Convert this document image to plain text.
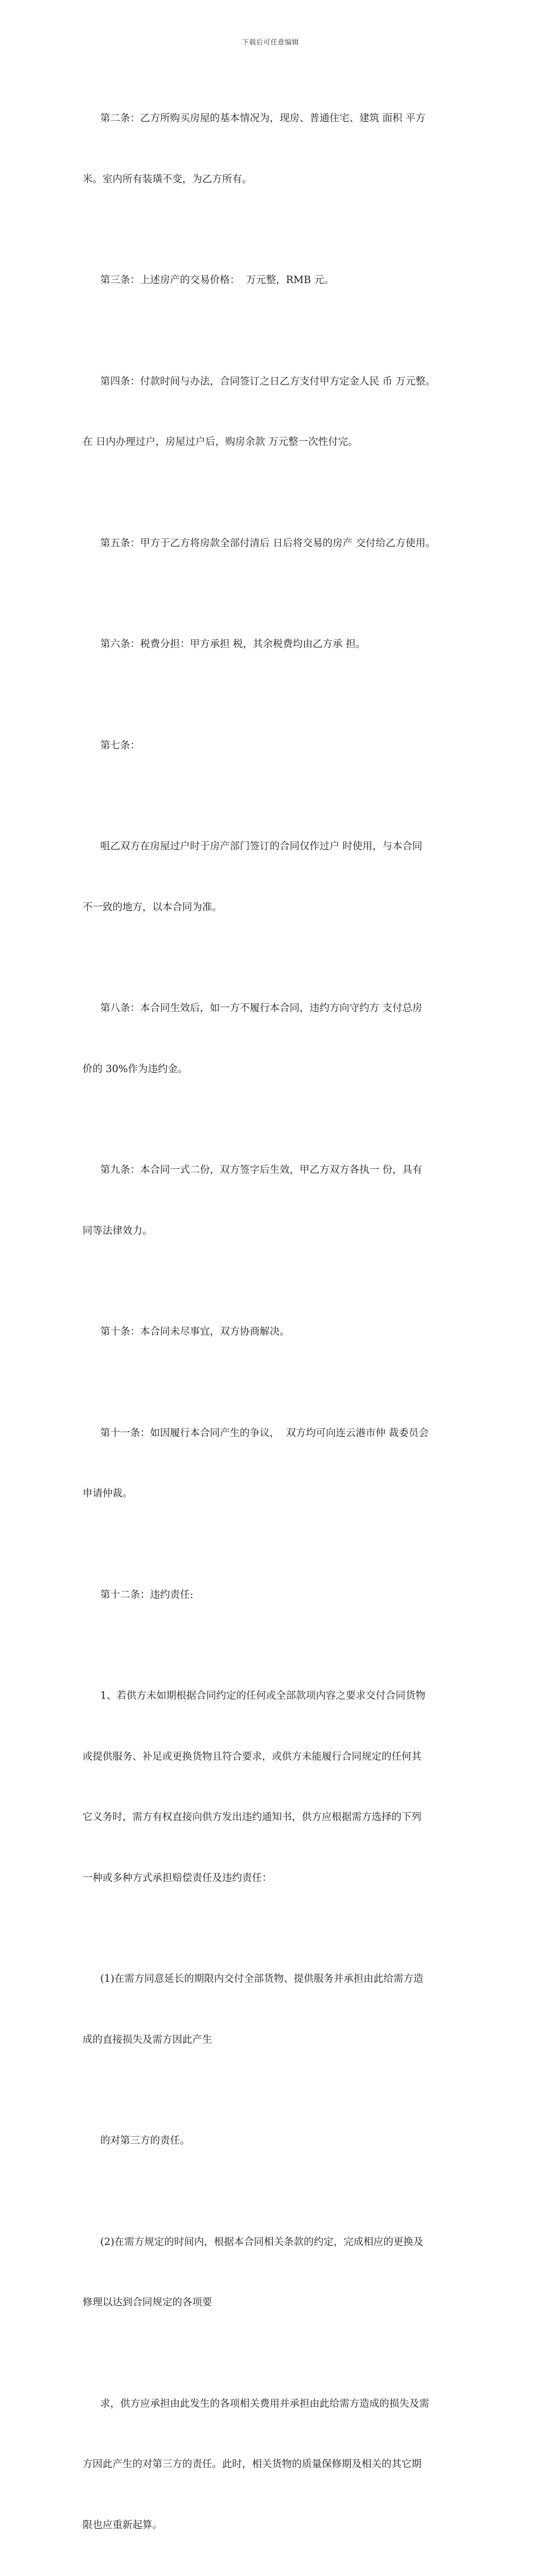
下载后可任意编辑

第二条：乙方所购买房屋的基本情况为，现房、普通住宅、建筑 面积 平方

米。室内所有装璜不变，为乙方所有。

第三条：上述房产的交易价格：  万元整，RMB 元。

第四条：付款时间与办法，合同签订之日乙方支付甲方定金人民 币 万元整。

在 日内办理过户，房屋过户后，购房余款 万元整一次性付完。

第五条：甲方于乙方将房款全部付清后 日后将交易的房产 交付给乙方使用。

第六条：税费分担：甲方承担 税，其余税费均由乙方承 担。

第七条：

咀乙双方在房屋过户时于房产部门签订的合同仅作过户 时使用，与本合同

不一致的地方，以本合同为准。

第八条：本合同生效后，如一方不履行本合同，违约方向守约方 支付总房

价的 30%作为违约金。

第九条：本合同一式二份，双方签字后生效，甲乙方双方各执一 份，具有

同等法律效力。

第十条：本合同未尽事宜，双方协商解决。

第十一条：如因履行本合同产生的争议，  双方均可向连云港市仲 裁委员会

申请仲裁。

第十二条：违约责任:

1、若供方未如期根据合同约定的任何或全部款项内容之要求交付合同货物

或提供服务、补足或更换货物且符合要求，或供方未能履行合同规定的任何其

它义务时，需方有权直接向供方发出违约通知书，供方应根据需方选择的下列

一种或多种方式承担赔偿责任及违约责任：

(1)在需方同意延长的期限内交付全部货物、提供服务并承担由此给需方造

成的直接损失及需方因此产生

的对第三方的责任。

(2)在需方规定的时间内，根据本合同相关条款的约定，完成相应的更换及

修理以达到合同规定的各项要

求，供方应承担由此发生的各项相关费用并承担由此给需方造成的损失及需

方因此产生的对第三方的责任。此时，相关货物的质量保修期及相关的其它期

限也应重新起算。
